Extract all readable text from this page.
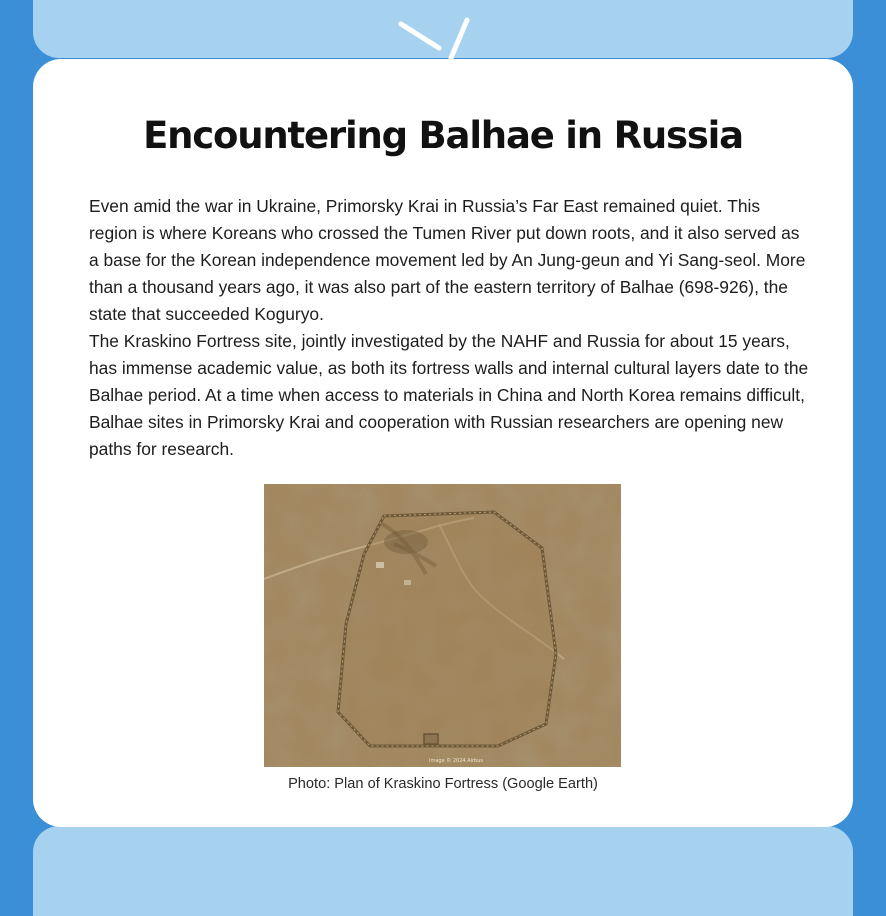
Encountering Balhae in Russia

Even amid the war in Ukraine, Primorsky Krai in Russia’s Far East remained quiet. This region is where Koreans who crossed the Tumen River put down roots, and it also served as a base for the Korean independence movement led by An Jung-geun and Yi Sang-seol. More than a thousand years ago, it was also part of the eastern territory of Balhae (698-926), the state that succeeded Koguryo.

The Kraskino Fortress site, jointly investigated by the NAHF and Russia for about 15 years, has immense academic value, as both its fortress walls and internal cultural layers date to the Balhae period. At a time when access to materials in China and North Korea remains difficult, Balhae sites in Primorsky Krai and cooperation with Russian researchers are opening new paths for research.

Image © 2024 Airbus
Photo: Plan of Kraskino Fortress (Google Earth)
